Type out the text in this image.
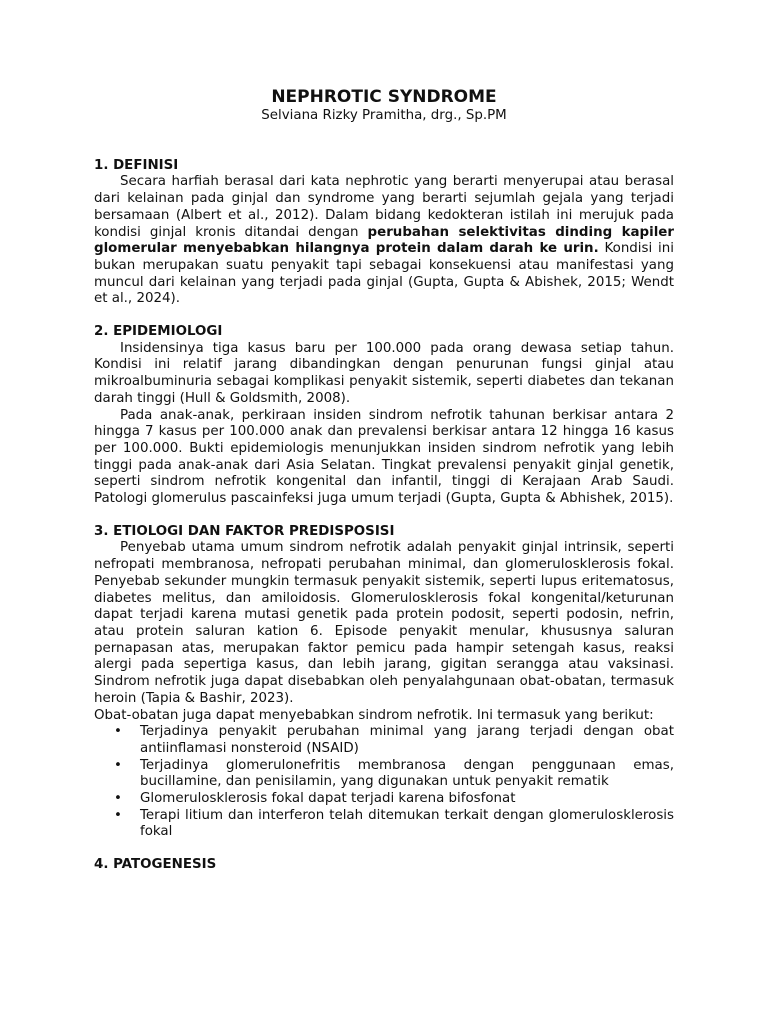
NEPHROTIC SYNDROME

Selviana Rizky Pramitha, drg., Sp.PM

1. DEFINISI

Secara harfiah berasal dari kata nephrotic yang berarti menyerupai atau berasal dari kelainan pada ginjal dan syndrome yang berarti sejumlah gejala yang terjadi bersamaan (Albert et al., 2012). Dalam bidang kedokteran istilah ini merujuk pada kondisi ginjal kronis ditandai dengan perubahan selektivitas dinding kapiler glomerular menyebabkan hilangnya protein dalam darah ke urin. Kondisi ini bukan merupakan suatu penyakit tapi sebagai konsekuensi atau manifestasi yang muncul dari kelainan yang terjadi pada ginjal (Gupta, Gupta & Abishek, 2015; Wendt et al., 2024).

2. EPIDEMIOLOGI

Insidensinya tiga kasus baru per 100.000 pada orang dewasa setiap tahun. Kondisi ini relatif jarang dibandingkan dengan penurunan fungsi ginjal atau mikroalbuminuria sebagai komplikasi penyakit sistemik, seperti diabetes dan tekanan darah tinggi (Hull & Goldsmith, 2008).

Pada anak-anak, perkiraan insiden sindrom nefrotik tahunan berkisar antara 2 hingga 7 kasus per 100.000 anak dan prevalensi berkisar antara 12 hingga 16 kasus per 100.000. Bukti epidemiologis menunjukkan insiden sindrom nefrotik yang lebih tinggi pada anak-anak dari Asia Selatan. Tingkat prevalensi penyakit ginjal genetik, seperti sindrom nefrotik kongenital dan infantil, tinggi di Kerajaan Arab Saudi. Patologi glomerulus pascainfeksi juga umum terjadi (Gupta, Gupta & Abhishek, 2015).

3. ETIOLOGI DAN FAKTOR PREDISPOSISI

Penyebab utama umum sindrom nefrotik adalah penyakit ginjal intrinsik, seperti nefropati membranosa, nefropati perubahan minimal, dan glomerulosklerosis fokal. Penyebab sekunder mungkin termasuk penyakit sistemik, seperti lupus eritematosus, diabetes melitus, dan amiloidosis. Glomerulosklerosis fokal kongenital/keturunan dapat terjadi karena mutasi genetik pada protein podosit, seperti podosin, nefrin, atau protein saluran kation 6. Episode penyakit menular, khususnya saluran pernapasan atas, merupakan faktor pemicu pada hampir setengah kasus, reaksi alergi pada sepertiga kasus, dan lebih jarang, gigitan serangga atau vaksinasi. Sindrom nefrotik juga dapat disebabkan oleh penyalahgunaan obat-obatan, termasuk heroin (Tapia & Bashir, 2023).

Obat-obatan juga dapat menyebabkan sindrom nefrotik. Ini termasuk yang berikut:

• Terjadinya penyakit perubahan minimal yang jarang terjadi dengan obat antiinflamasi nonsteroid (NSAID)
• Terjadinya glomerulonefritis membranosa dengan penggunaan emas, bucillamine, dan penisilamin, yang digunakan untuk penyakit rematik
• Glomerulosklerosis fokal dapat terjadi karena bifosfonat
• Terapi litium dan interferon telah ditemukan terkait dengan glomerulosklerosis fokal

4. PATOGENESIS
